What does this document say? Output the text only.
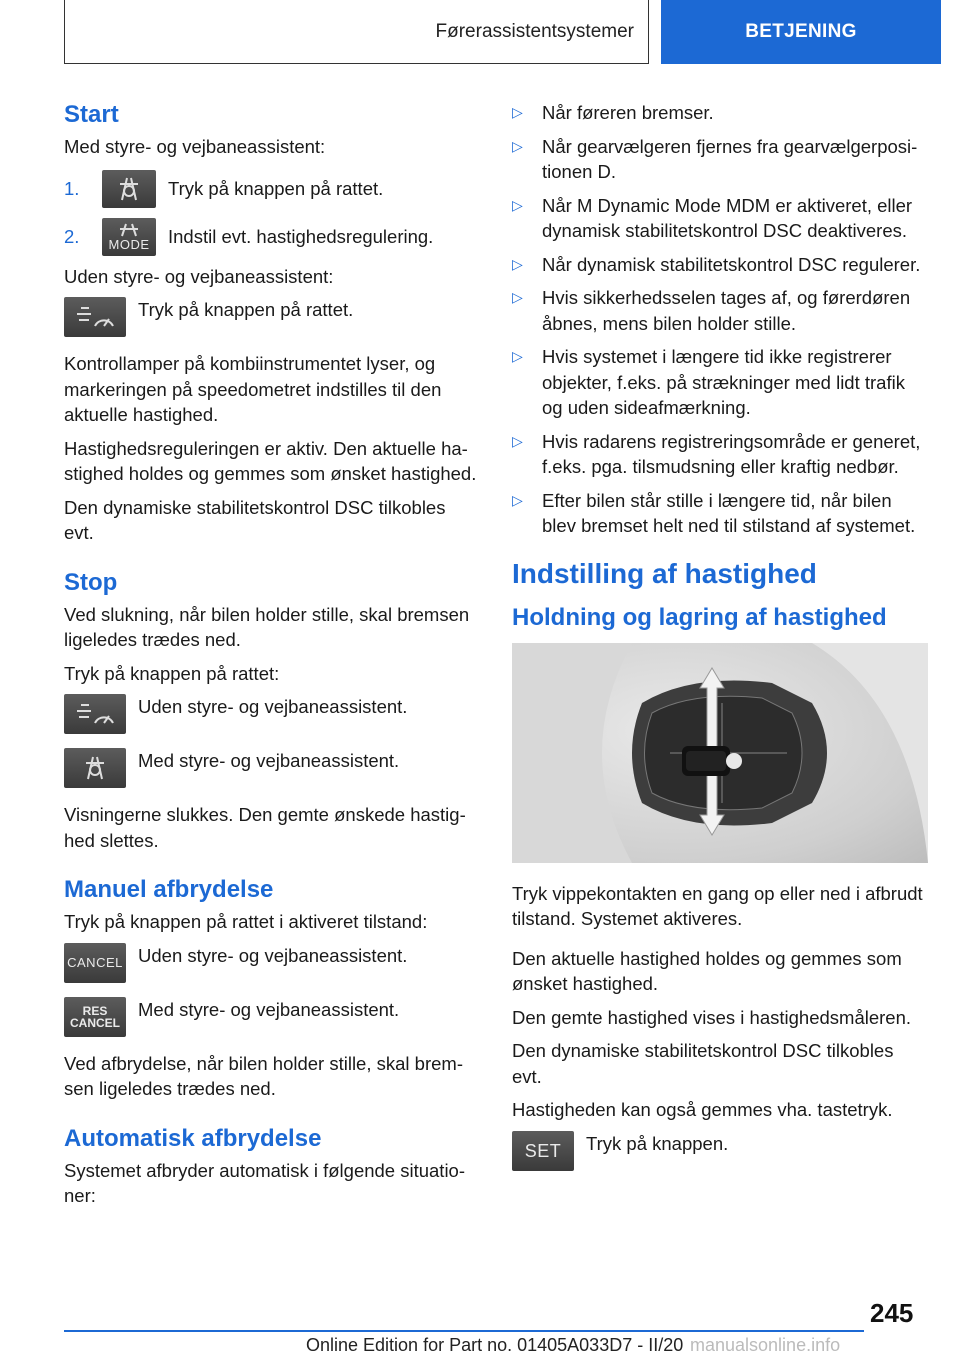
Førerassistentsystemer	BETJENING
Start

Med styre- og vejbaneassistent:

1.	Tryk på knappen på rattet.
2.	MODE Indstil evt. hastighedsregulering.

Uden styre- og vejbaneassistent:

Tryk på knappen på rattet.

Kontrollamper på kombiinstrumentet lyser, og markeringen på speedometret indstilles til den aktuelle hastighed.

Hastighedsreguleringen er aktiv. Den aktuelle hastighed holdes og gemmes som ønsket hastighed.

Den dynamiske stabilitetskontrol DSC tilkobles evt.

Stop

Ved slukning, når bilen holder stille, skal bremsen ligeledes trædes ned.

Tryk på knappen på rattet:

Uden styre- og vejbaneassistent.
Med styre- og vejbaneassistent.

Visningerne slukkes. Den gemte ønskede hastighed slettes.

Manuel afbrydelse

Tryk på knappen på rattet i aktiveret tilstand:

CANCEL Uden styre- og vejbaneassistent.
RES
CANCEL
Med styre- og vejbaneassistent.

Ved afbrydelse, når bilen holder stille, skal bremsen ligeledes trædes ned.

Automatisk afbrydelse

Systemet afbryder automatisk i følgende situationer:

▷	Når føreren bremser.
▷	Når gearvælgeren fjernes fra gearvælgerpositionen D.
▷	Når M Dynamic Mode MDM er aktiveret, eller dynamisk stabilitetskontrol DSC deaktiveres.
▷	Når dynamisk stabilitetskontrol DSC regulerer.
▷	Hvis sikkerhedsselen tages af, og førerdøren åbnes, mens bilen holder stille.
▷	Hvis systemet i længere tid ikke registrerer objekter, f.eks. på strækninger med lidt trafik og uden sideafmærkning.
▷	Hvis radarens registreringsområde er generet, f.eks. pga. tilsmudsning eller kraftig nedbør.
▷	Efter bilen står stille i længere tid, når bilen blev bremset helt ned til stilstand af systemet.
Indstilling af hastighed
Holdning og lagring af hastighed

Tryk vippekontakten en gang op eller ned i afbrudt tilstand. Systemet aktiveres.

Den aktuelle hastighed holdes og gemmes som ønsket hastighed.

Den gemte hastighed vises i hastighedsmåleren.

Den dynamiske stabilitetskontrol DSC tilkobles evt.

Hastigheden kan også gemmes vha. tastetryk.

SET Tryk på knappen.
245
Online Edition for Part no. 01405A033D7 - II/20 manualsonline.info
